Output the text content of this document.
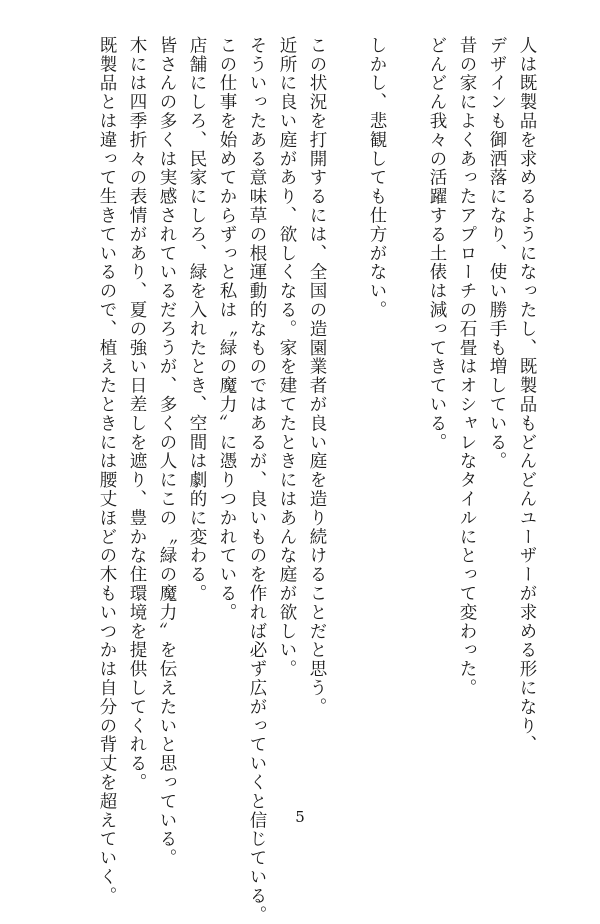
人は既製品を求めるようになったし、既製品もどんどんユーザーが求める形になり、
デザインも御洒落になり、使い勝手も増している。
昔の家によくあったアプローチの石畳はオシャレなタイルにとって変わった。
どんどん我々の活躍する土俵は減ってきている。
しかし、悲観しても仕方がない。
この状況を打開するには、全国の造園業者が良い庭を造り続けることだと思う。
近所に良い庭があり、欲しくなる。家を建てたときにはあんな庭が欲しい。
そういったある意味草の根運動的なものではあるが、良いものを作れば必ず広がっていくと信じている。
この仕事を始めてからずっと私は〝緑の魔力〟に憑りつかれている。
店舗にしろ、民家にしろ、緑を入れたとき、空間は劇的に変わる。
皆さんの多くは実感されているだろうが、多くの人にこの〝緑の魔力〟を伝えたいと思っている。
木には四季折々の表情があり、夏の強い日差しを遮り、豊かな住環境を提供してくれる。
既製品とは違って生きているので、植えたときには腰丈ほどの木もいつかは自分の背丈を超えていく。	5
